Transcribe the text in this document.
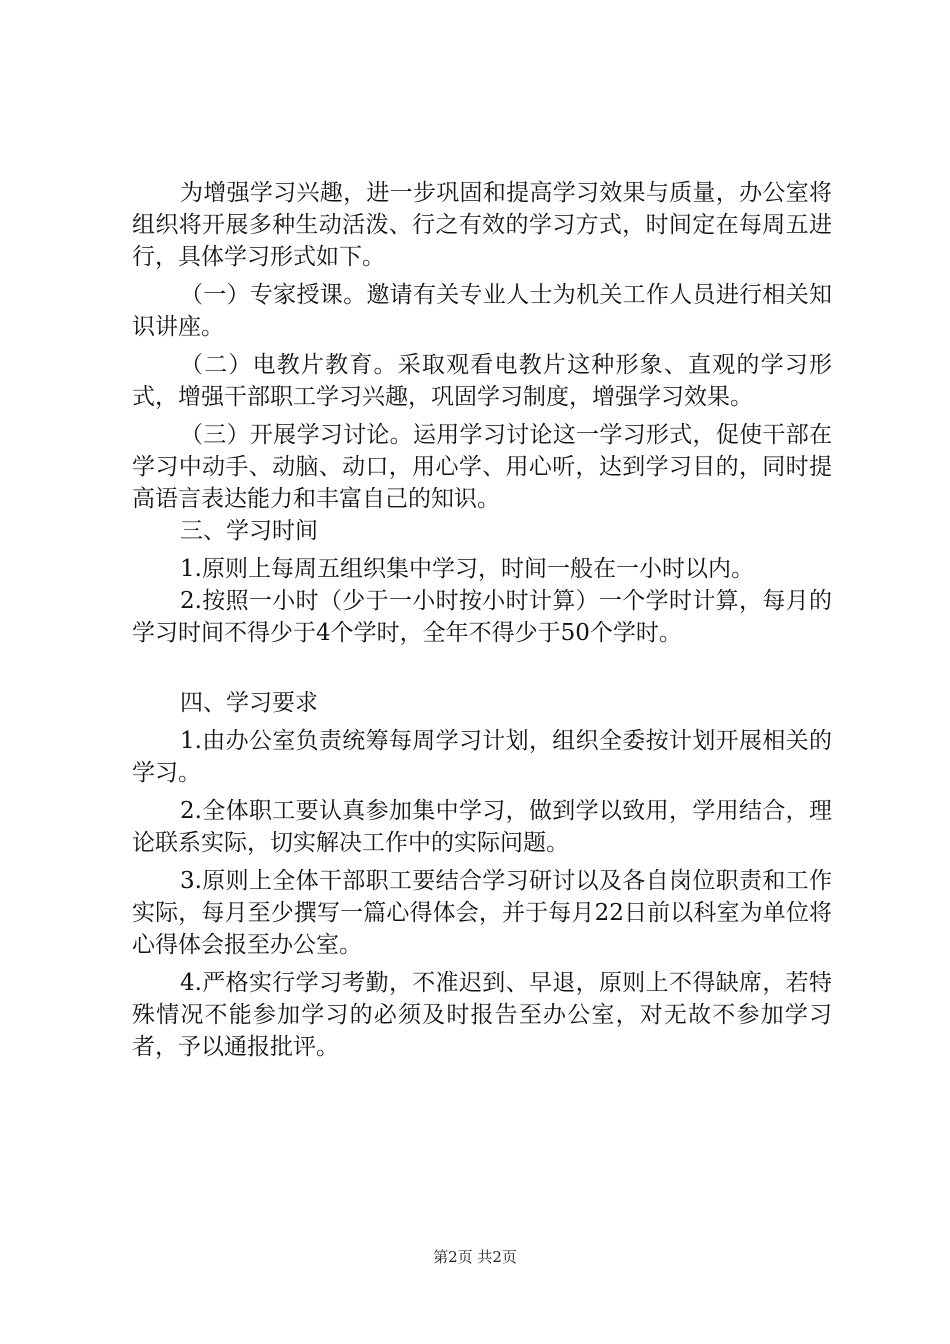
为增强学习兴趣，进一步巩固和提高学习效果与质量，办公室将组织将开展多种生动活泼、行之有效的学习方式，时间定在每周五进行，具体学习形式如下。

（一）专家授课。邀请有关专业人士为机关工作人员进行相关知识讲座。

（二）电教片教育。采取观看电教片这种形象、直观的学习形式，增强干部职工学习兴趣，巩固学习制度，增强学习效果。

（三）开展学习讨论。运用学习讨论这一学习形式，促使干部在学习中动手、动脑、动口，用心学、用心听，达到学习目的，同时提高语言表达能力和丰富自己的知识。

三、学习时间

1.原则上每周五组织集中学习，时间一般在一小时以内。

2.按照一小时（少于一小时按小时计算）一个学时计算，每月的学习时间不得少于4个学时，全年不得少于50个学时。

四、学习要求

1.由办公室负责统筹每周学习计划，组织全委按计划开展相关的学习。

2.全体职工要认真参加集中学习，做到学以致用，学用结合，理论联系实际，切实解决工作中的实际问题。

3.原则上全体干部职工要结合学习研讨以及各自岗位职责和工作实际，每月至少撰写一篇心得体会，并于每月22日前以科室为单位将心得体会报至办公室。

4.严格实行学习考勤，不准迟到、早退，原则上不得缺席，若特殊情况不能参加学习的必须及时报告至办公室，对无故不参加学习者，予以通报批评。

第2页 共2页
